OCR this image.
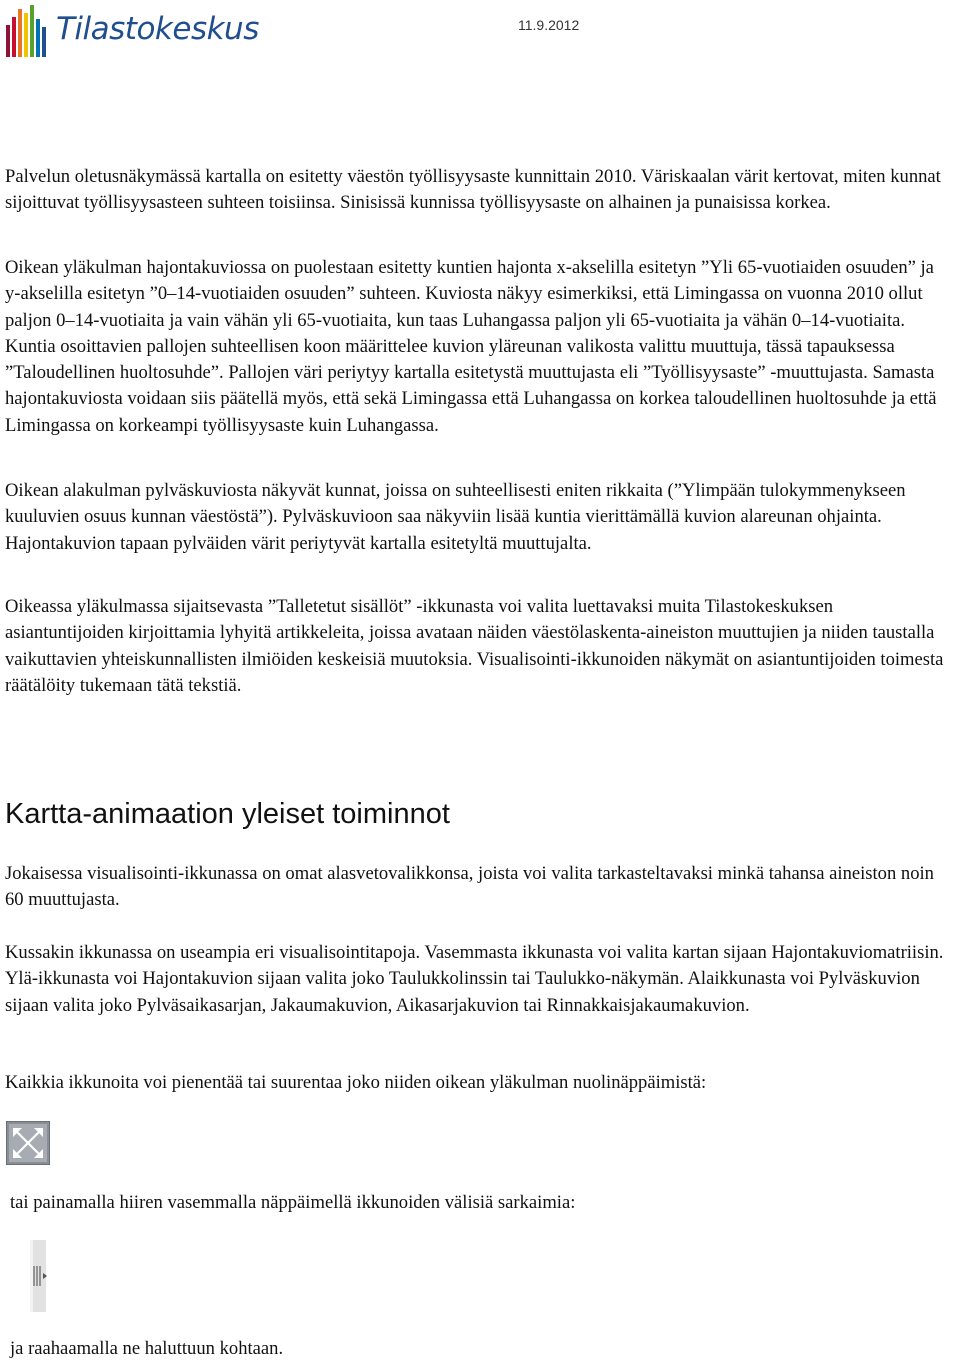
Tilastokeskus	11.9.2012

Palvelun oletusnäkymässä kartalla on esitetty väestön työllisyysaste kunnittain 2010. Väriskaalan värit kertovat, miten kunnat sijoittuvat työllisyysasteen suhteen toisiinsa. Sinisissä kunnissa työllisyysaste on alhainen ja punaisissa korkea.

Oikean yläkulman hajontakuviossa on puolestaan esitetty kuntien hajonta x-akselilla esitetyn ”Yli 65-vuotiaiden osuuden” ja y-akselilla esitetyn ”0–14-vuotiaiden osuuden” suhteen. Kuviosta näkyy esimerkiksi, että Limingassa on vuonna 2010 ollut paljon 0–14-vuotiaita ja vain vähän yli 65-vuotiaita, kun taas Luhangassa paljon yli 65-vuotiaita ja vähän 0–14-vuotiaita. Kuntia osoittavien pallojen suhteellisen koon määrittelee kuvion yläreunan valikosta valittu muuttuja, tässä tapauksessa ”Taloudellinen huoltosuhde”. Pallojen väri periytyy kartalla esitetystä muuttujasta eli ”Työllisyysaste” -muuttujasta. Samasta hajontakuviosta voidaan siis päätellä myös, että sekä Limingassa että Luhangassa on korkea taloudellinen huoltosuhde ja että Limingassa on korkeampi työllisyysaste kuin Luhangassa.

Oikean alakulman pylväskuviosta näkyvät kunnat, joissa on suhteellisesti eniten rikkaita (”Ylimpään tulokymmenykseen kuuluvien osuus kunnan väestöstä”). Pylväskuvioon saa näkyviin lisää kuntia vierittämällä kuvion alareunan ohjainta. Hajontakuvion tapaan pylväiden värit periytyvät kartalla esitetyltä muuttujalta.

Oikeassa yläkulmassa sijaitsevasta ”Talletetut sisällöt” -ikkunasta voi valita luettavaksi muita Tilastokeskuksen asiantuntijoiden kirjoittamia lyhyitä artikkeleita, joissa avataan näiden väestölaskenta-aineiston muuttujien ja niiden taustalla vaikuttavien yhteiskunnallisten ilmiöiden keskeisiä muutoksia. Visualisointi-ikkunoiden näkymät on asiantuntijoiden toimesta räätälöity tukemaan tätä tekstiä.

Kartta-animaation yleiset toiminnot

Jokaisessa visualisointi-ikkunassa on omat alasvetovalikkonsa, joista voi valita tarkasteltavaksi minkä tahansa aineiston noin 60 muuttujasta.

Kussakin ikkunassa on useampia eri visualisointitapoja. Vasemmasta ikkunasta voi valita kartan sijaan Hajontakuviomatriisin. Ylä-ikkunasta voi Hajontakuvion sijaan valita joko Taulukkolinssin tai Taulukko-näkymän. Alaikkunasta voi Pylväskuvion sijaan valita joko Pylväsaikasarjan, Jakaumakuvion, Aikasarjakuvion tai Rinnakkaisjakaumakuvion.

Kaikkia ikkunoita voi pienentää tai suurentaa joko niiden oikean yläkulman nuolinäppäimistä:

tai painamalla hiiren vasemmalla näppäimellä ikkunoiden välisiä sarkaimia:

ja raahaamalla ne haluttuun kohtaan.
